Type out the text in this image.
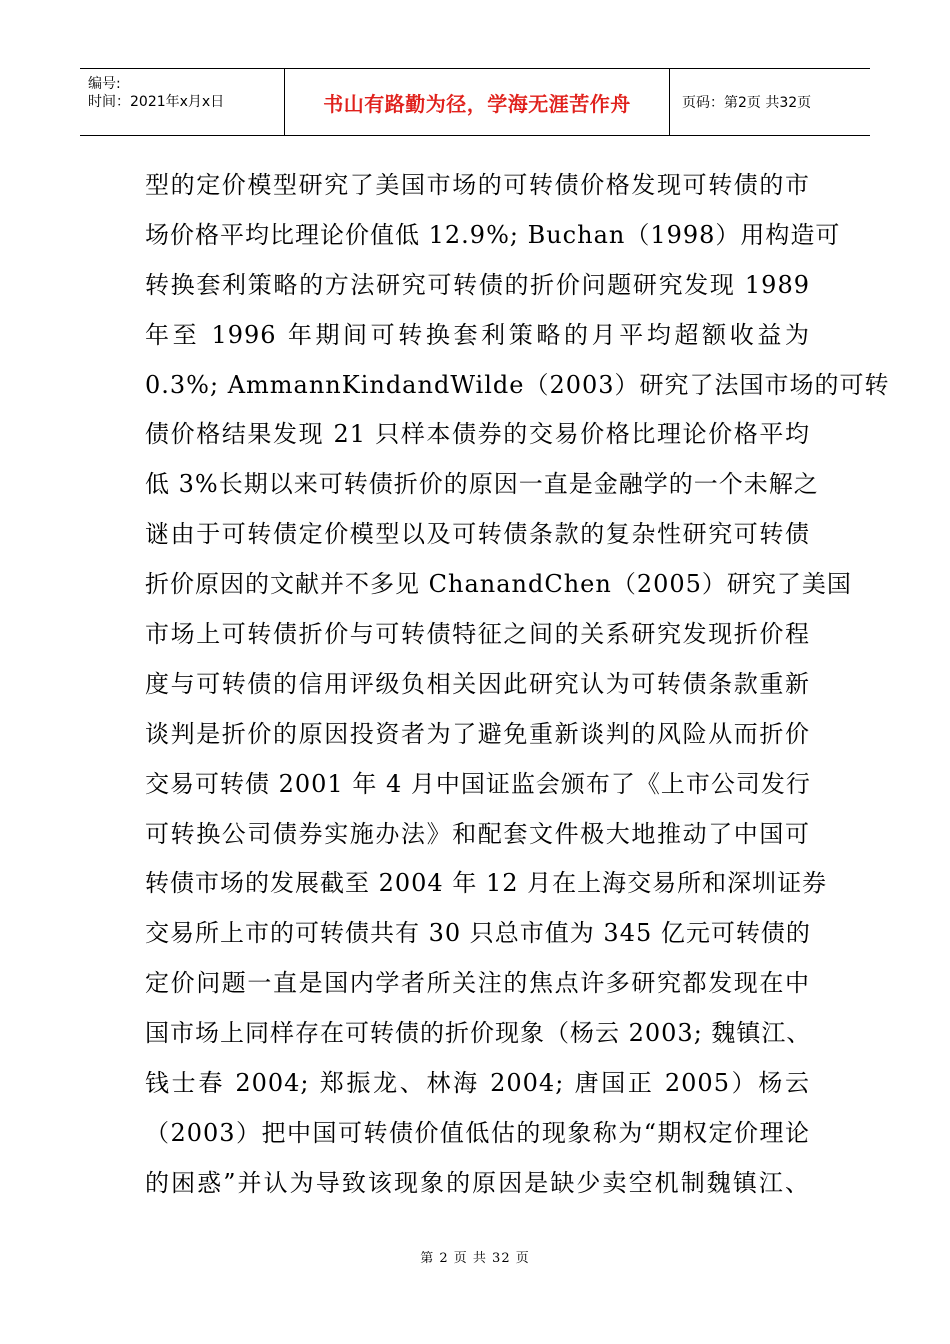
编号:
时间：2021年x月x日	书山有路勤为径，学海无涯苦作舟	页码：第2页 共32页
型的定价模型研究了美国市场的可转债价格发现可转债的市
场价格平均比理论价值低 12.9%; Buchan（1998）用构造可
转换套利策略的方法研究可转债的折价问题研究发现 1989
年至 1996 年期间可转换套利策略的月平均超额收益为
0.3%; AmmannKindandWilde（2003）研究了法国市场的可转
债价格结果发现 21 只样本债券的交易价格比理论价格平均
低 3%长期以来可转债折价的原因一直是金融学的一个未解之
谜由于可转债定价模型以及可转债条款的复杂性研究可转债
折价原因的文献并不多见 ChanandChen（2005）研究了美国
市场上可转债折价与可转债特征之间的关系研究发现折价程
度与可转债的信用评级负相关因此研究认为可转债条款重新
谈判是折价的原因投资者为了避免重新谈判的风险从而折价
交易可转债 2001 年 4 月中国证监会颁布了《上市公司发行
可转换公司债券实施办法》和配套文件极大地推动了中国可
转债市场的发展截至 2004 年 12 月在上海交易所和深圳证券
交易所上市的可转债共有 30 只总市值为 345 亿元可转债的
定价问题一直是国内学者所关注的焦点许多研究都发现在中
国市场上同样存在可转债的折价现象（杨云 2003; 魏镇江、
钱士春 2004; 郑振龙、林海 2004; 唐国正 2005）杨云
（2003）把中国可转债价值低估的现象称为“期权定价理论
的困惑”并认为导致该现象的原因是缺少卖空机制魏镇江、
第 2 页 共 32 页
